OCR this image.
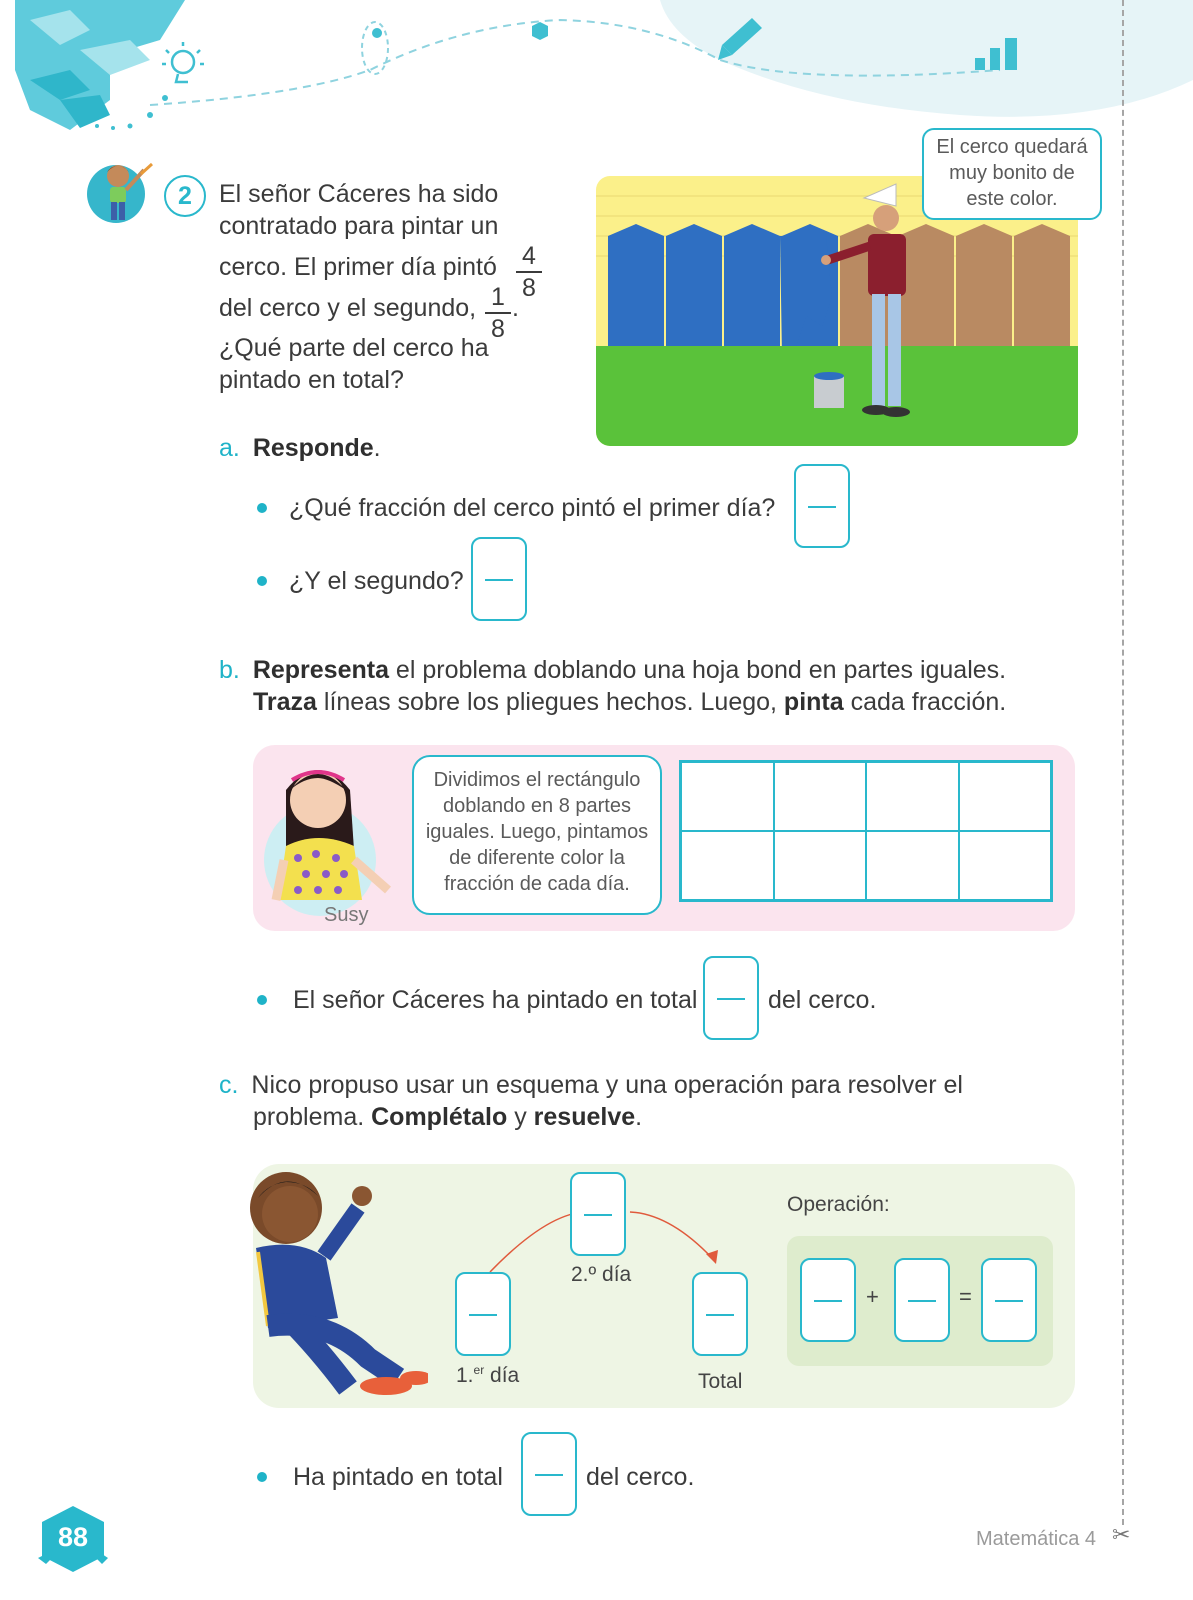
2	El señor Cáceres ha sido
contratado para pintar un
cerco. El primer día pintó 4
8
del cerco y el segundo, 1
8
.
¿Qué parte del cerco ha
pintado en total?
El cerco quedará
muy bonito de
este color.
a. Responde.
¿Qué fracción del cerco pintó el primer día?
¿Y el segundo?
b. Representa el problema doblando una hoja bond en partes iguales.
Traza líneas sobre los pliegues hechos. Luego, pinta cada fracción.
Susy
Dividimos el rectángulo
doblando en 8 partes
iguales. Luego, pintamos
de diferente color la
fracción de cada día.
El señor Cáceres ha pintado en total	del cerco.
c. Nico propuso usar un esquema y una operación para resolver el
problema. Complétalo y resuelve.
2.º día
1.$^{er}$ día	Total
Operación:
+	=
Ha pintado en total	del cerco.
88	Matemática 4 ✂
